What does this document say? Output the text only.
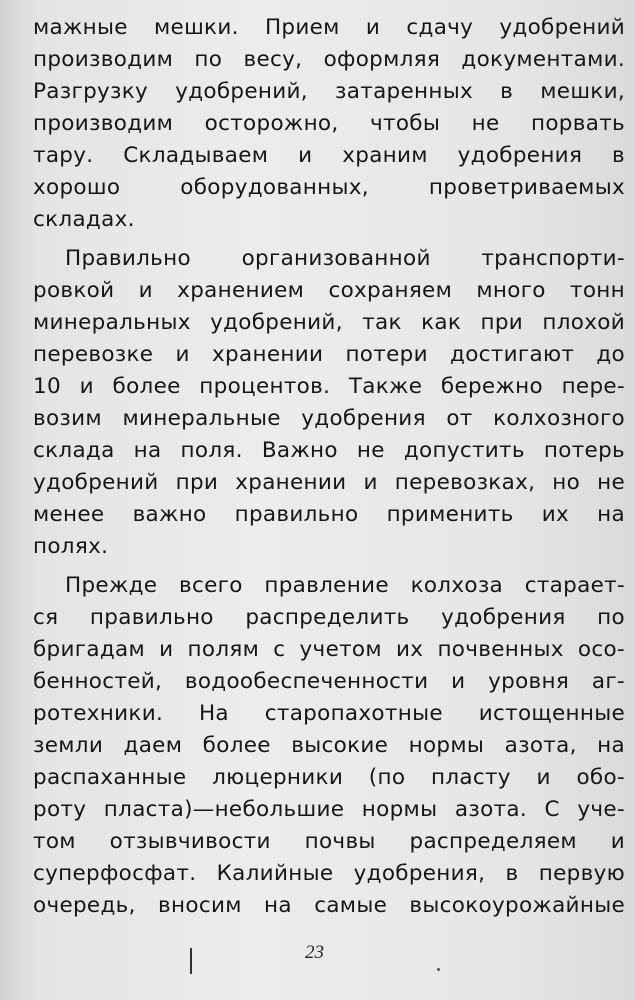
мажные мешки. Прием и сдачу удобрений
производим по весу, оформляя документами.
Разгрузку удобрений, затаренных в мешки,
производим осторожно, чтобы не порвать
тару. Складываем и храним удобрения в
хорошо оборудованных, проветриваемых
складах.
Правильно организованной транспорти-
ровкой и хранением сохраняем много тонн
минеральных удобрений, так как при плохой
перевозке и хранении потери достигают до
10 и более процентов. Также бережно пере-
возим минеральные удобрения от колхозного
склада на поля. Важно не допустить потерь
удобрений при хранении и перевозках, но не
менее важно правильно применить их на
полях.
Прежде всего правление колхоза старает-
ся правильно распределить удобрения по
бригадам и полям с учетом их почвенных осо-
бенностей, водообеспеченности и уровня аг-
ротехники. На старопахотные истощенные
земли даем более высокие нормы азота, на
распаханные люцерники (по пласту и обо-
роту пласта)—небольшие нормы азота. С уче-
том отзывчивости почвы распределяем и
суперфосфат. Калийные удобрения, в первую
очередь, вносим на самые высокоурожайные
23
